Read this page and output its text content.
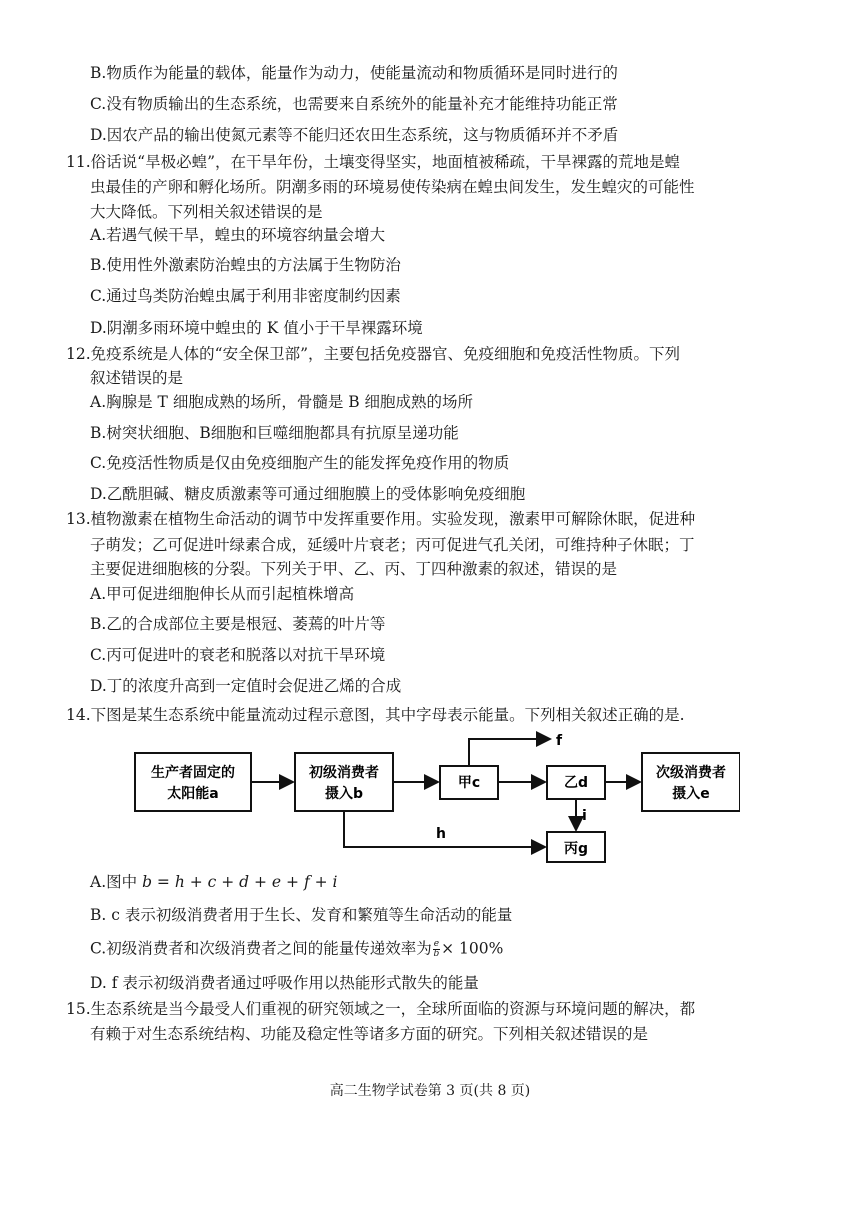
B.物质作为能量的载体，能量作为动力，使能量流动和物质循环是同时进行的
C.没有物质输出的生态系统，也需要来自系统外的能量补充才能维持功能正常
D.因农产品的输出使氮元素等不能归还农田生态系统，这与物质循环并不矛盾
11.俗话说“旱极必蝗”，在干旱年份，土壤变得坚实，地面植被稀疏，干旱裸露的荒地是蝗
虫最佳的产卵和孵化场所。阴潮多雨的环境易使传染病在蝗虫间发生，发生蝗灾的可能性
大大降低。下列相关叙述错误的是
A.若遇气候干旱，蝗虫的环境容纳量会增大
B.使用性外激素防治蝗虫的方法属于生物防治
C.通过鸟类防治蝗虫属于利用非密度制约因素
D.阴潮多雨环境中蝗虫的 K 值小于干旱裸露环境
12.免疫系统是人体的“安全保卫部”，主要包括免疫器官、免疫细胞和免疫活性物质。下列
叙述错误的是
A.胸腺是 T 细胞成熟的场所，骨髓是 B 细胞成熟的场所
B.树突状细胞、B细胞和巨噬细胞都具有抗原呈递功能
C.免疫活性物质是仅由免疫细胞产生的能发挥免疫作用的物质
D.乙酰胆碱、糖皮质激素等可通过细胞膜上的受体影响免疫细胞
13.植物激素在植物生命活动的调节中发挥重要作用。实验发现，激素甲可解除休眠，促进种
子萌发；乙可促进叶绿素合成，延缓叶片衰老；丙可促进气孔关闭，可维持种子休眠；丁
主要促进细胞核的分裂。下列关于甲、乙、丙、丁四种激素的叙述，错误的是
A.甲可促进细胞伸长从而引起植株增高
B.乙的合成部位主要是根冠、萎蔫的叶片等
C.丙可促进叶的衰老和脱落以对抗干旱环境
D.丁的浓度升高到一定值时会促进乙烯的合成
14.下图是某生态系统中能量流动过程示意图，其中字母表示能量。下列相关叙述正确的是.
生产者固定的
太阳能a
初级消费者
摄入b
甲c	乙d
次级消费者
摄入e
丙g
f
h
i
A.图中 b = h + c + d + e + f + i
B. c 表示初级消费者用于生长、发育和繁殖等生命活动的能量
C.初级消费者和次级消费者之间的能量传递效率为 $\frac{e}{b} \times 100\%$
D. f 表示初级消费者通过呼吸作用以热能形式散失的能量
15.生态系统是当今最受人们重视的研究领域之一，全球所面临的资源与环境问题的解决，都
有赖于对生态系统结构、功能及稳定性等诸多方面的研究。下列相关叙述错误的是
高二生物学试卷第 3 页(共 8 页)
